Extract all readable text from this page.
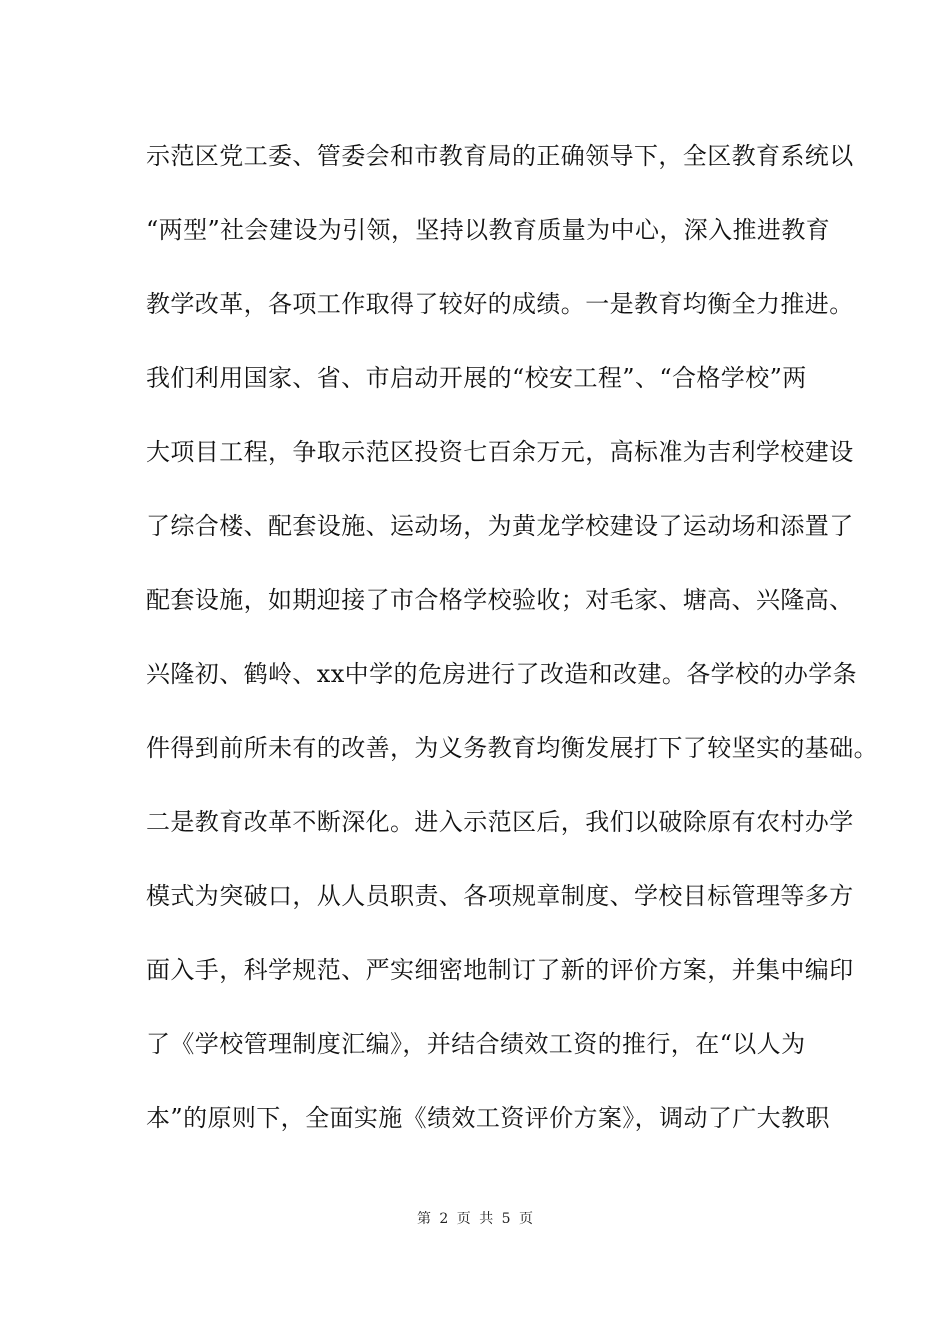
示范区党工委、管委会和市教育局的正确领导下，全区教育系统以
“两型”社会建设为引领，坚持以教育质量为中心，深入推进教育
教学改革，各项工作取得了较好的成绩。一是教育均衡全力推进。
我们利用国家、省、市启动开展的“校安工程”、“合格学校”两
大项目工程，争取示范区投资七百余万元，高标准为吉利学校建设
了综合楼、配套设施、运动场，为黄龙学校建设了运动场和添置了
配套设施，如期迎接了市合格学校验收；对毛家、塘高、兴隆高、
兴隆初、鹤岭、xx中学的危房进行了改造和改建。各学校的办学条
件得到前所未有的改善，为义务教育均衡发展打下了较坚实的基础。
二是教育改革不断深化。进入示范区后，我们以破除原有农村办学
模式为突破口，从人员职责、各项规章制度、学校目标管理等多方
面入手，科学规范、严实细密地制订了新的评价方案，并集中编印
了《学校管理制度汇编》，并结合绩效工资的推行，在“以人为
本”的原则下，全面实施《绩效工资评价方案》，调动了广大教职
第 2 页 共 5 页
